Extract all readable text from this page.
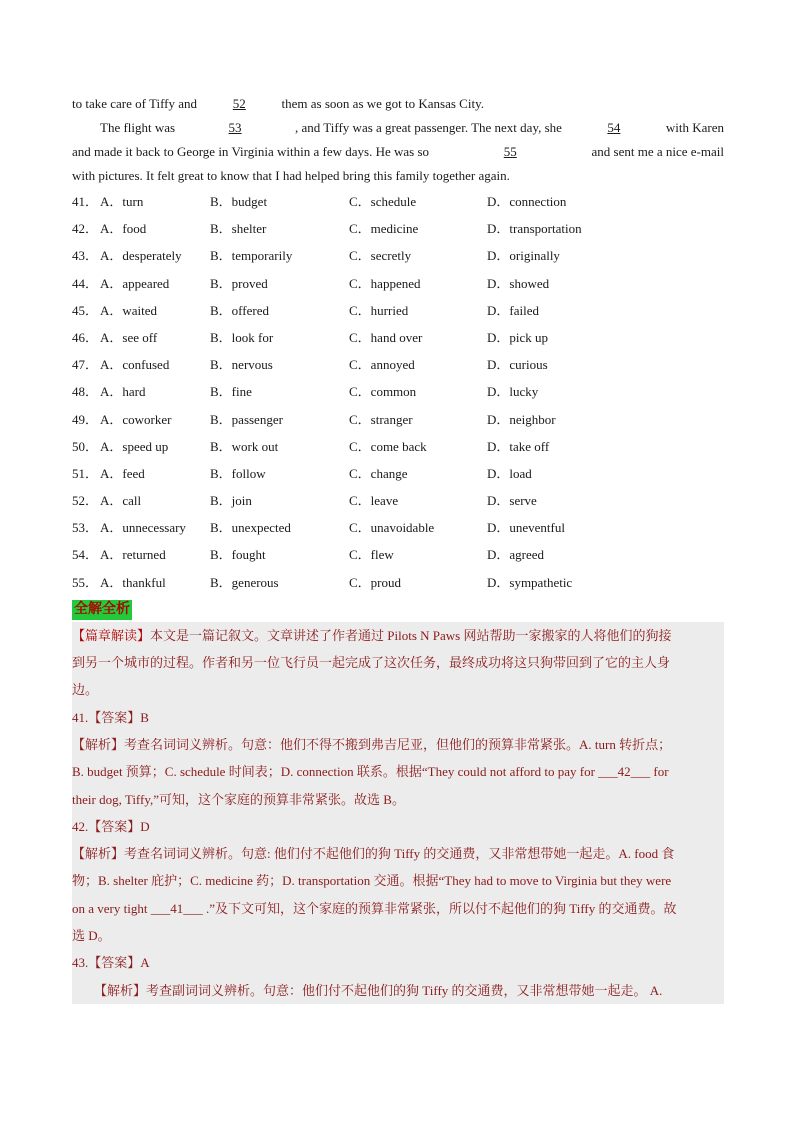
to take care of Tiffy and	52	them as soon as we got to Kansas City.
The flight was	53	, and Tiffy was a great passenger. The next day, she	54	with Karen
and made it back to George in Virginia within a few days. He was so	55	and sent me a nice e-mail
with pictures. It felt great to know that I had helped bring this family together again.
41． A．turn	B．budget	C．schedule	D．connection
42． A．food	B．shelter	C．medicine	D．transportation
43． A．desperately B．temporarily	C．secretly	D．originally
44． A．appeared	B．proved	C．happened	D．showed
45． A．waited	B．offered	C．hurried	D．failed
46． A．see off	B．look for	C．hand over	D．pick up
47． A．confused	B．nervous	C．annoyed	D．curious
48． A．hard	B．fine	C．common	D．lucky
49． A．coworker	B．passenger	C．stranger	D．neighbor
50． A．speed up	B．work out	C．come back	D．take off
51． A．feed	B．follow	C．change	D．load
52． A．call	B．join	C．leave	D．serve
53． A．unnecessary B．unexpected	C．unavoidable	D．uneventful
54． A．returned	B．fought	C．flew	D．agreed
55． A．thankful	B．generous	C．proud	D．sympathetic
全解全析
【篇章解读】本文是一篇记叙文。文章讲述了作者通过 Pilots N Paws 网站帮助一家搬家的人将他们的狗接
到另一个城市的过程。作者和另一位飞行员一起完成了这次任务，最终成功将这只狗带回到了它的主人身
边。
41.【答案】B
【解析】考查名词词义辨析。句意：他们不得不搬到弗吉尼亚，但他们的预算非常紧张。A. turn 转折点；
B. budget 预算；C. schedule 时间表；D. connection 联系。根据“They could not afford to pay for ___42___ for
their dog, Tiffy,”可知，这个家庭的预算非常紧张。故选 B。
42.【答案】D
【解析】考查名词词义辨析。句意: 他们付不起他们的狗 Tiffy 的交通费，又非常想带她一起走。A. food 食
物；B. shelter 庇护；C. medicine 药；D. transportation 交通。根据“They had to move to Virginia but they were
on a very tight ___41___ .”及下文可知，这个家庭的预算非常紧张，所以付不起他们的狗 Tiffy 的交通费。故
选 D。
43.【答案】A
【解析】考查副词词义辨析。句意：他们付不起他们的狗 Tiffy 的交通费，又非常想带她一起走。 A.
